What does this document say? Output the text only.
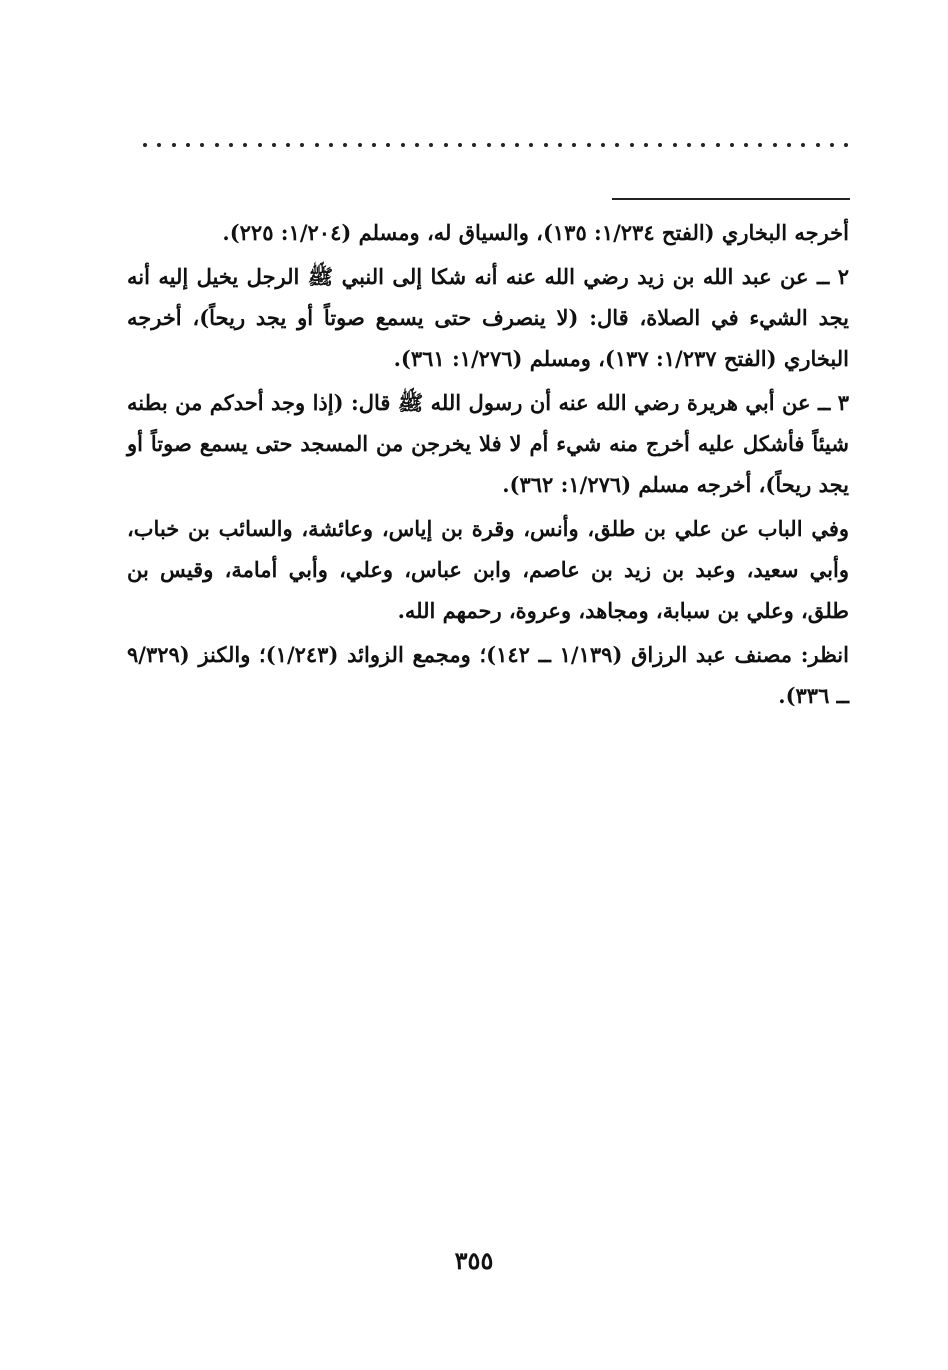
أخرجه البخاري (الفتح ١/٢٣٤: ١٣٥)، والسياق له، ومسلم (١/٢٠٤: ٢٢٥).

٢ ــ عن عبد الله بن زيد رضي الله عنه أنه شكا إلى النبي ﷺ الرجل يخيل إليه أنه يجد الشيء في الصلاة، قال: (لا ينصرف حتى يسمع صوتاً أو يجد ريحاً)، أخرجه البخاري (الفتح ١/٢٣٧: ١٣٧)، ومسلم (١/٢٧٦: ٣٦١).

٣ ــ عن أبي هريرة رضي الله عنه أن رسول الله ﷺ قال: (إذا وجد أحدكم من بطنه شيئاً فأشكل عليه أخرج منه شيء أم لا فلا يخرجن من المسجد حتى يسمع صوتاً أو يجد ريحاً)، أخرجه مسلم (١/٢٧٦: ٣٦٢).

وفي الباب عن علي بن طلق، وأنس، وقرة بن إياس، وعائشة، والسائب بن خباب، وأبي سعيد، وعبد بن زيد بن عاصم، وابن عباس، وعلي، وأبي أمامة، وقيس بن طلق، وعلي بن سبابة، ومجاهد، وعروة، رحمهم الله.

انظر: مصنف عبد الرزاق (١/١٣٩ ــ ١٤٢)؛ ومجمع الزوائد (١/٢٤٣)؛ والكنز (٩/٣٢٩ ــ ٣٣٦).

٣٥٥
